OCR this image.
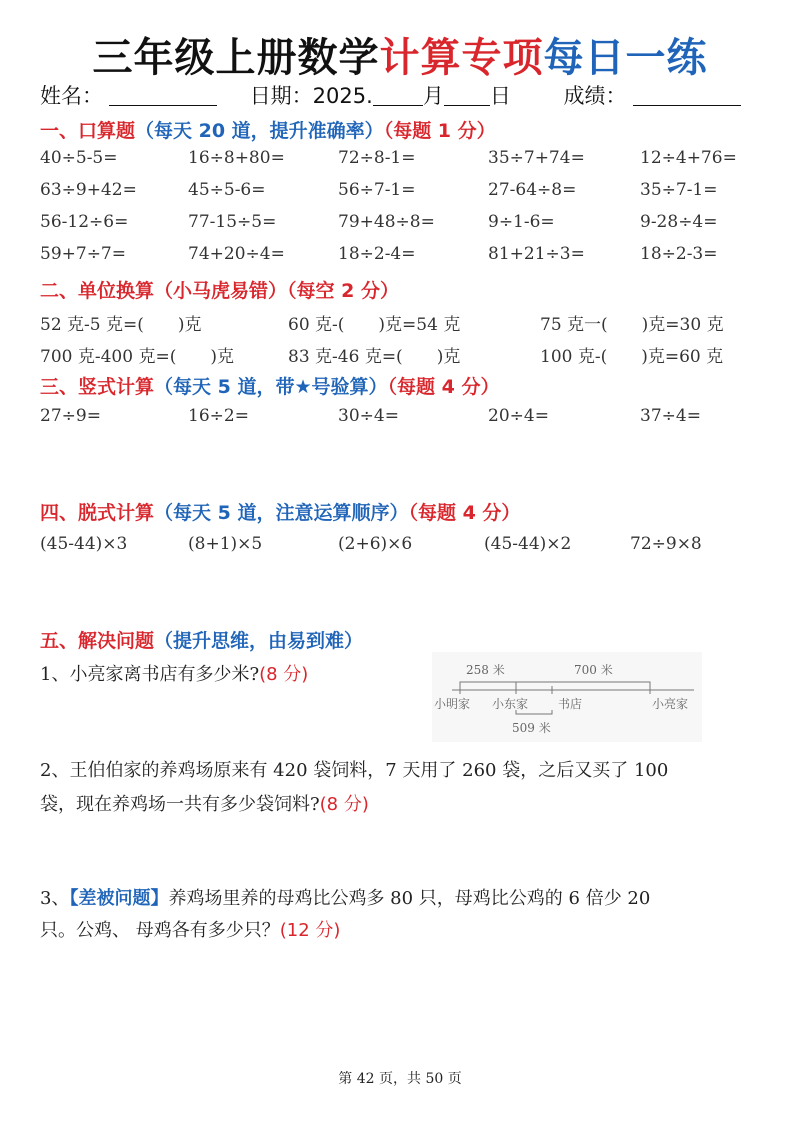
三年级上册数学计算专项每日一练
姓名：	日期：2025. 月 日	成绩：
一、口算题（每天 20 道，提升准确率）（每题 1 分）
40÷5-5=	16÷8+80=	72÷8-1=	35÷7+74=	12÷4+76=
63÷9+42=	45÷5-6=	56÷7-1=	27-64÷8=	35÷7-1=
56-12÷6=	77-15÷5=	79+48÷8=	9÷1-6=	9-28÷4=
59+7÷7=	74+20÷4=	18÷2-4=	81+21÷3=	18÷2-3=
二、单位换算（小马虎易错）（每空 2 分）
52 克-5 克=(　　)克	60 克-(　　)克=54 克	75 克一(　　)克=30 克
700 克-400 克=(　　)克	83 克-46 克=(　　)克	100 克-(　　)克=60 克
三、竖式计算（每天 5 道，带★号验算）（每题 4 分）
27÷9=	16÷2=	30÷4=	20÷4=	37÷4=
四、脱式计算（每天 5 道，注意运算顺序）（每题 4 分）
(45-44)×3	(8+1)×5	(2+6)×6	(45-44)×2	72÷9×8
五、解决问题（提升思维，由易到难）
1、小亮家离书店有多少米?(8 分)	258 米	700 米
小明家 小东家 书店	小亮家
509 米
2、王伯伯家的养鸡场原来有 420 袋饲料，7 天用了 260 袋，之后又买了 100
袋，现在养鸡场一共有多少袋饲料?(8 分)
3、【差被问题】养鸡场里养的母鸡比公鸡多 80 只，母鸡比公鸡的 6 倍少 20
只。公鸡、 母鸡各有多少只？(12 分)
第 42 页，共 50 页
